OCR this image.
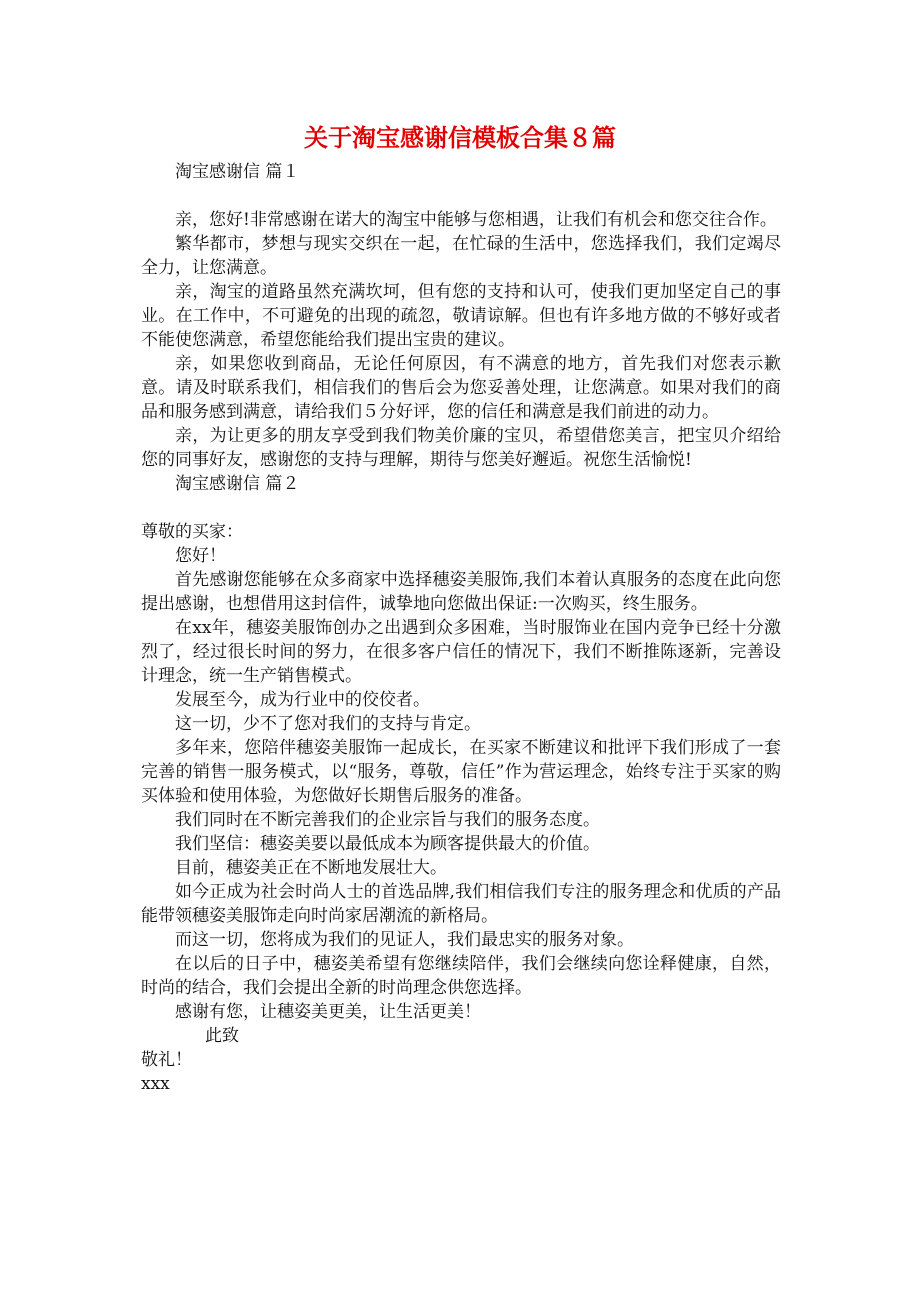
关于淘宝感谢信模板合集８篇

淘宝感谢信 篇１

亲，您好!非常感谢在诺大的淘宝中能够与您相遇，让我们有机会和您交往合作。

繁华都市，梦想与现实交织在一起，在忙碌的生活中，您选择我们，我们定竭尽全力，让您满意。

亲，淘宝的道路虽然充满坎坷，但有您的支持和认可，使我们更加坚定自己的事业。在工作中，不可避免的出现的疏忽，敬请谅解。但也有许多地方做的不够好或者不能使您满意，希望您能给我们提出宝贵的建议。

亲，如果您收到商品，无论任何原因，有不满意的地方，首先我们对您表示歉意。请及时联系我们，相信我们的售后会为您妥善处理，让您满意。如果对我们的商品和服务感到满意，请给我们５分好评，您的信任和满意是我们前进的动力。

亲，为让更多的朋友享受到我们物美价廉的宝贝，希望借您美言，把宝贝介绍给您的同事好友，感谢您的支持与理解，期待与您美好邂逅。祝您生活愉悦!

淘宝感谢信 篇２

尊敬的买家：

您好！

首先感谢您能够在众多商家中选择穗姿美服饰,我们本着认真服务的态度在此向您提出感谢，也想借用这封信件，诚挚地向您做出保证:一次购买，终生服务。

在xx年，穗姿美服饰创办之出遇到众多困难，当时服饰业在国内竞争已经十分激烈了，经过很长时间的努力，在很多客户信任的情况下，我们不断推陈逐新，完善设计理念，统一生产销售模式。

发展至今，成为行业中的佼佼者。

这一切，少不了您对我们的支持与肯定。

多年来，您陪伴穗姿美服饰一起成长，在买家不断建议和批评下我们形成了一套完善的销售一服务模式，以“服务，尊敬，信任”作为营运理念，始终专注于买家的购买体验和使用体验，为您做好长期售后服务的准备。

我们同时在不断完善我们的企业宗旨与我们的服务态度。

我们坚信：穗姿美要以最低成本为顾客提供最大的价值。

目前，穗姿美正在不断地发展壮大。

如今正成为社会时尚人士的首选品牌,我们相信我们专注的服务理念和优质的产品能带领穗姿美服饰走向时尚家居潮流的新格局。

而这一切，您将成为我们的见证人，我们最忠实的服务对象。

在以后的日子中，穗姿美希望有您继续陪伴，我们会继续向您诠释健康，自然，时尚的结合，我们会提出全新的时尚理念供您选择。

感谢有您，让穗姿美更美，让生活更美！

此致

敬礼！

xxx
